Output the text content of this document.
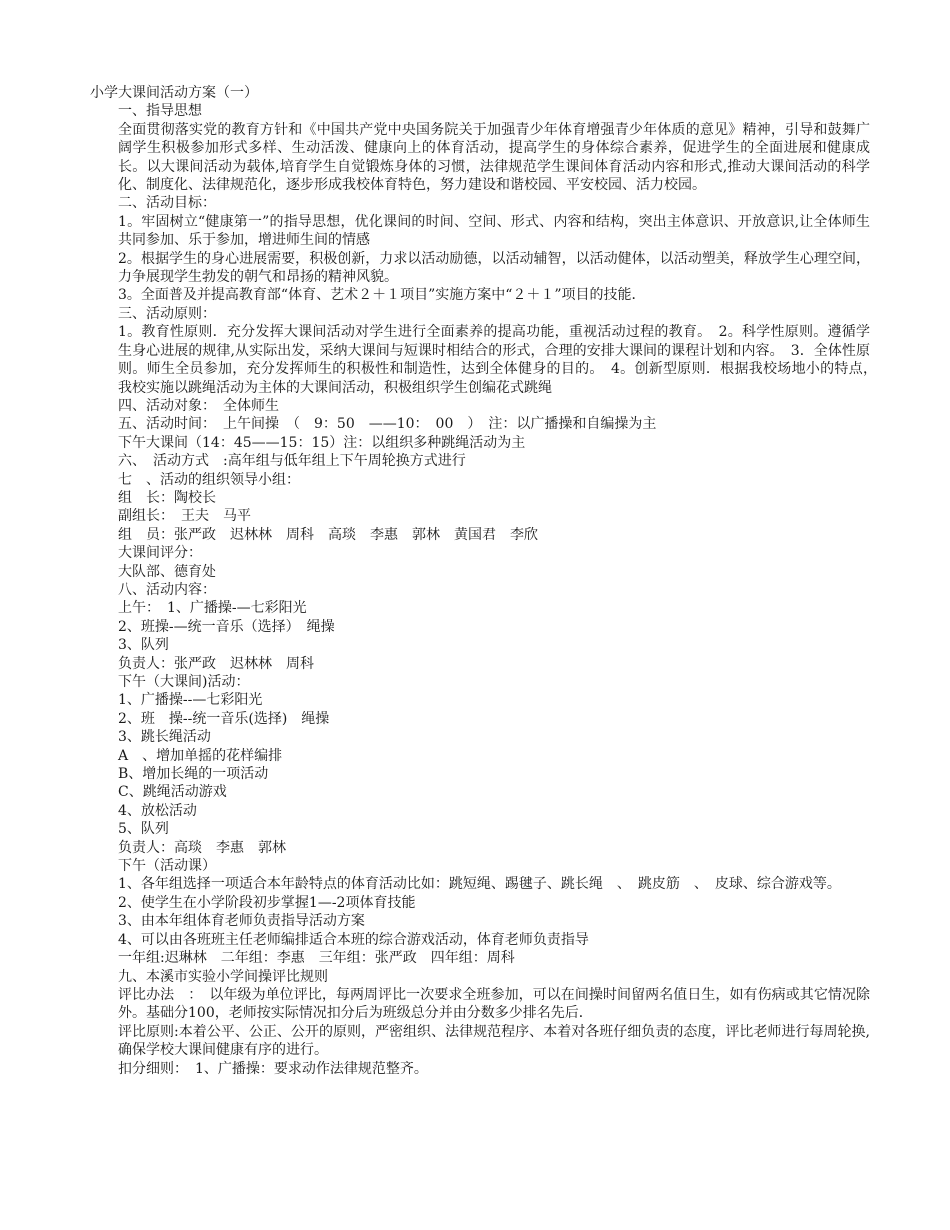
小学大课间活动方案（一）

一、指导思想

全面贯彻落实党的教育方针和《中国共产党中央国务院关于加强青少年体育增强青少年体质的意见》精神，引导和鼓舞广阔学生积极参加形式多样、生动活泼、健康向上的体育活动，提高学生的身体综合素养，促进学生的全面进展和健康成长。以大课间活动为载体,培育学生自觉锻炼身体的习惯，法律规范学生课间体育活动内容和形式,推动大课间活动的科学化、制度化、法律规范化，逐步形成我校体育特色，努力建设和谐校园、平安校园、活力校园。

二、活动目标：

1。牢固树立“健康第一”的指导思想，优化课间的时间、空间、形式、内容和结构，突出主体意识、开放意识,让全体师生共同参加、乐于参加，增进师生间的情感

2。根据学生的身心进展需要，积极创新，力求以活动励德，以活动辅智，以活动健体，以活动塑美，释放学生心理空间，力争展现学生勃发的朝气和昂扬的精神风貌。

3。全面普及并提高教育部“体育、艺术２＋１项目”实施方案中“２＋１”项目的技能．

三、活动原则：

1。教育性原则．充分发挥大课间活动对学生进行全面素养的提高功能，重视活动过程的教育。　2。科学性原则。遵循学生身心进展的规律,从实际出发，采纳大课间与短课时相结合的形式，合理的安排大课间的课程计划和内容。　3．全体性原则。师生全员参加，充分发挥师生的积极性和制造性，达到全体健身的目的。　4。创新型原则．根据我校场地小的特点，　我校实施以跳绳活动为主体的大课间活动，积极组织学生创编花式跳绳

四、活动对象：　全体师生

五、活动时间：　上午间操　（　9：50　——10：　00　）　注：以广播操和自编操为主

下午大课间（14：45——15：15）注：以组织多种跳绳活动为主

六、　活动方式　:高年组与低年组上下午周轮换方式进行

七　、活动的组织领导小组：

组　长：陶校长

副组长：　王夫　马平

组　员：张严政　迟林林　周科　高琰　李惠　郭林　黄国君　李欣

大课间评分：

大队部、德育处

八、活动内容：

上午：　1、广播操-—七彩阳光

2、班操-—统一音乐（选择）　绳操

3、队列

负责人：张严政　迟林林　周科

下午（大课间)活动：

1、广播操--—七彩阳光

2、班　操--统一音乐(选择)　绳操

3、跳长绳活动

A　、增加单摇的花样编排

B、增加长绳的一项活动

C、跳绳活动游戏

4、放松活动

5、队列

负责人：高琰　李惠　郭林

下午（活动课）

1、各年组选择一项适合本年龄特点的体育活动比如：跳短绳、踢毽子、跳长绳　、　跳皮筋　、　皮球、综合游戏等。

2、使学生在小学阶段初步掌握1—-2项体育技能

3、由本年组体育老师负责指导活动方案

4、可以由各班班主任老师编排适合本班的综合游戏活动，体育老师负责指导

一年组:迟琳林　二年组：李惠　三年组：张严政　四年组：周科

九、本溪市实验小学间操评比规则

评比办法　：　以年级为单位评比，每两周评比一次要求全班参加，可以在间操时间留两名值日生，如有伤病或其它情况除外。基础分100，老师按实际情况扣分后为班级总分并由分数多少排名先后．

评比原则:本着公平、公正、公开的原则，严密组织、法律规范程序、本着对各班仔细负责的态度，评比老师进行每周轮换,确保学校大课间健康有序的进行。

扣分细则：　1、广播操：要求动作法律规范整齐。
